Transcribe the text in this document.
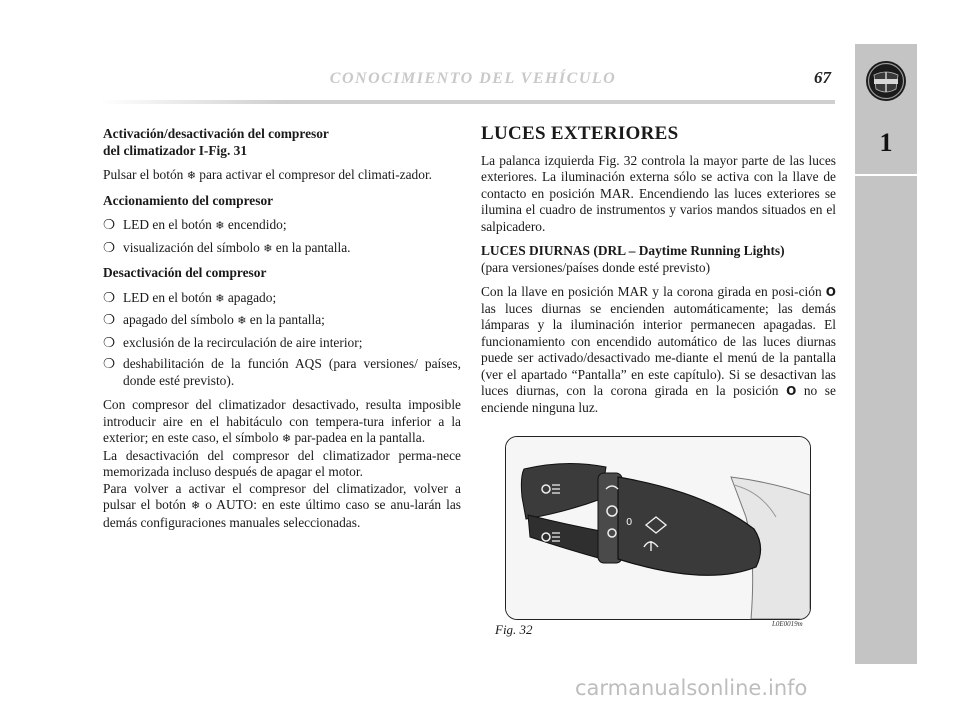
CONOCIMIENTO DEL VEHÍCULO	67
1
Activación/desactivación del compresor
del climatizador I-Fig. 31

Pulsar el botón ❄ para activar el compresor del climati-zador.

Accionamiento del compresor
❍ LED en el botón ❄ encendido;
❍ visualización del símbolo ❄ en la pantalla.
Desactivación del compresor
❍ LED en el botón ❄ apagado;
❍ apagado del símbolo ❄ en la pantalla;
❍ exclusión de la recirculación de aire interior;
❍ deshabilitación de la función AQS (para versiones/ países, donde esté previsto).

Con compresor del climatizador desactivado, resulta imposible introducir aire en el habitáculo con tempera-tura inferior a la exterior; en este caso, el símbolo ❄ par-padea en la pantalla.

La desactivación del compresor del climatizador perma-nece memorizada incluso después de apagar el motor.

Para volver a activar el compresor del climatizador, volver a pulsar el botón ❄ o AUTO: en este último caso se anu-larán las demás configuraciones manuales seleccionadas.

LUCES EXTERIORES

La palanca izquierda Fig. 32 controla la mayor parte de las luces exteriores. La iluminación externa sólo se activa con la llave de contacto en posición MAR. Encendiendo las luces exteriores se ilumina el cuadro de instrumentos y varios mandos situados en el salpicadero.

LUCES DIURNAS (DRL – Daytime Running Lights)
(para versiones/países donde esté previsto)

Con la llave en posición MAR y la corona girada en posi-ción O las luces diurnas se encienden automáticamente; las demás lámparas y la iluminación interior permanecen apagadas. El funcionamiento con encendido automático de las luces diurnas puede ser activado/desactivado me-diante el menú de la pantalla (ver el apartado “Pantalla” en este capítulo). Si se desactivan las luces diurnas, con la corona girada en la posición O no se enciende ninguna luz.

0
Fig. 32	L0E0019m
carmanualsonline.info
